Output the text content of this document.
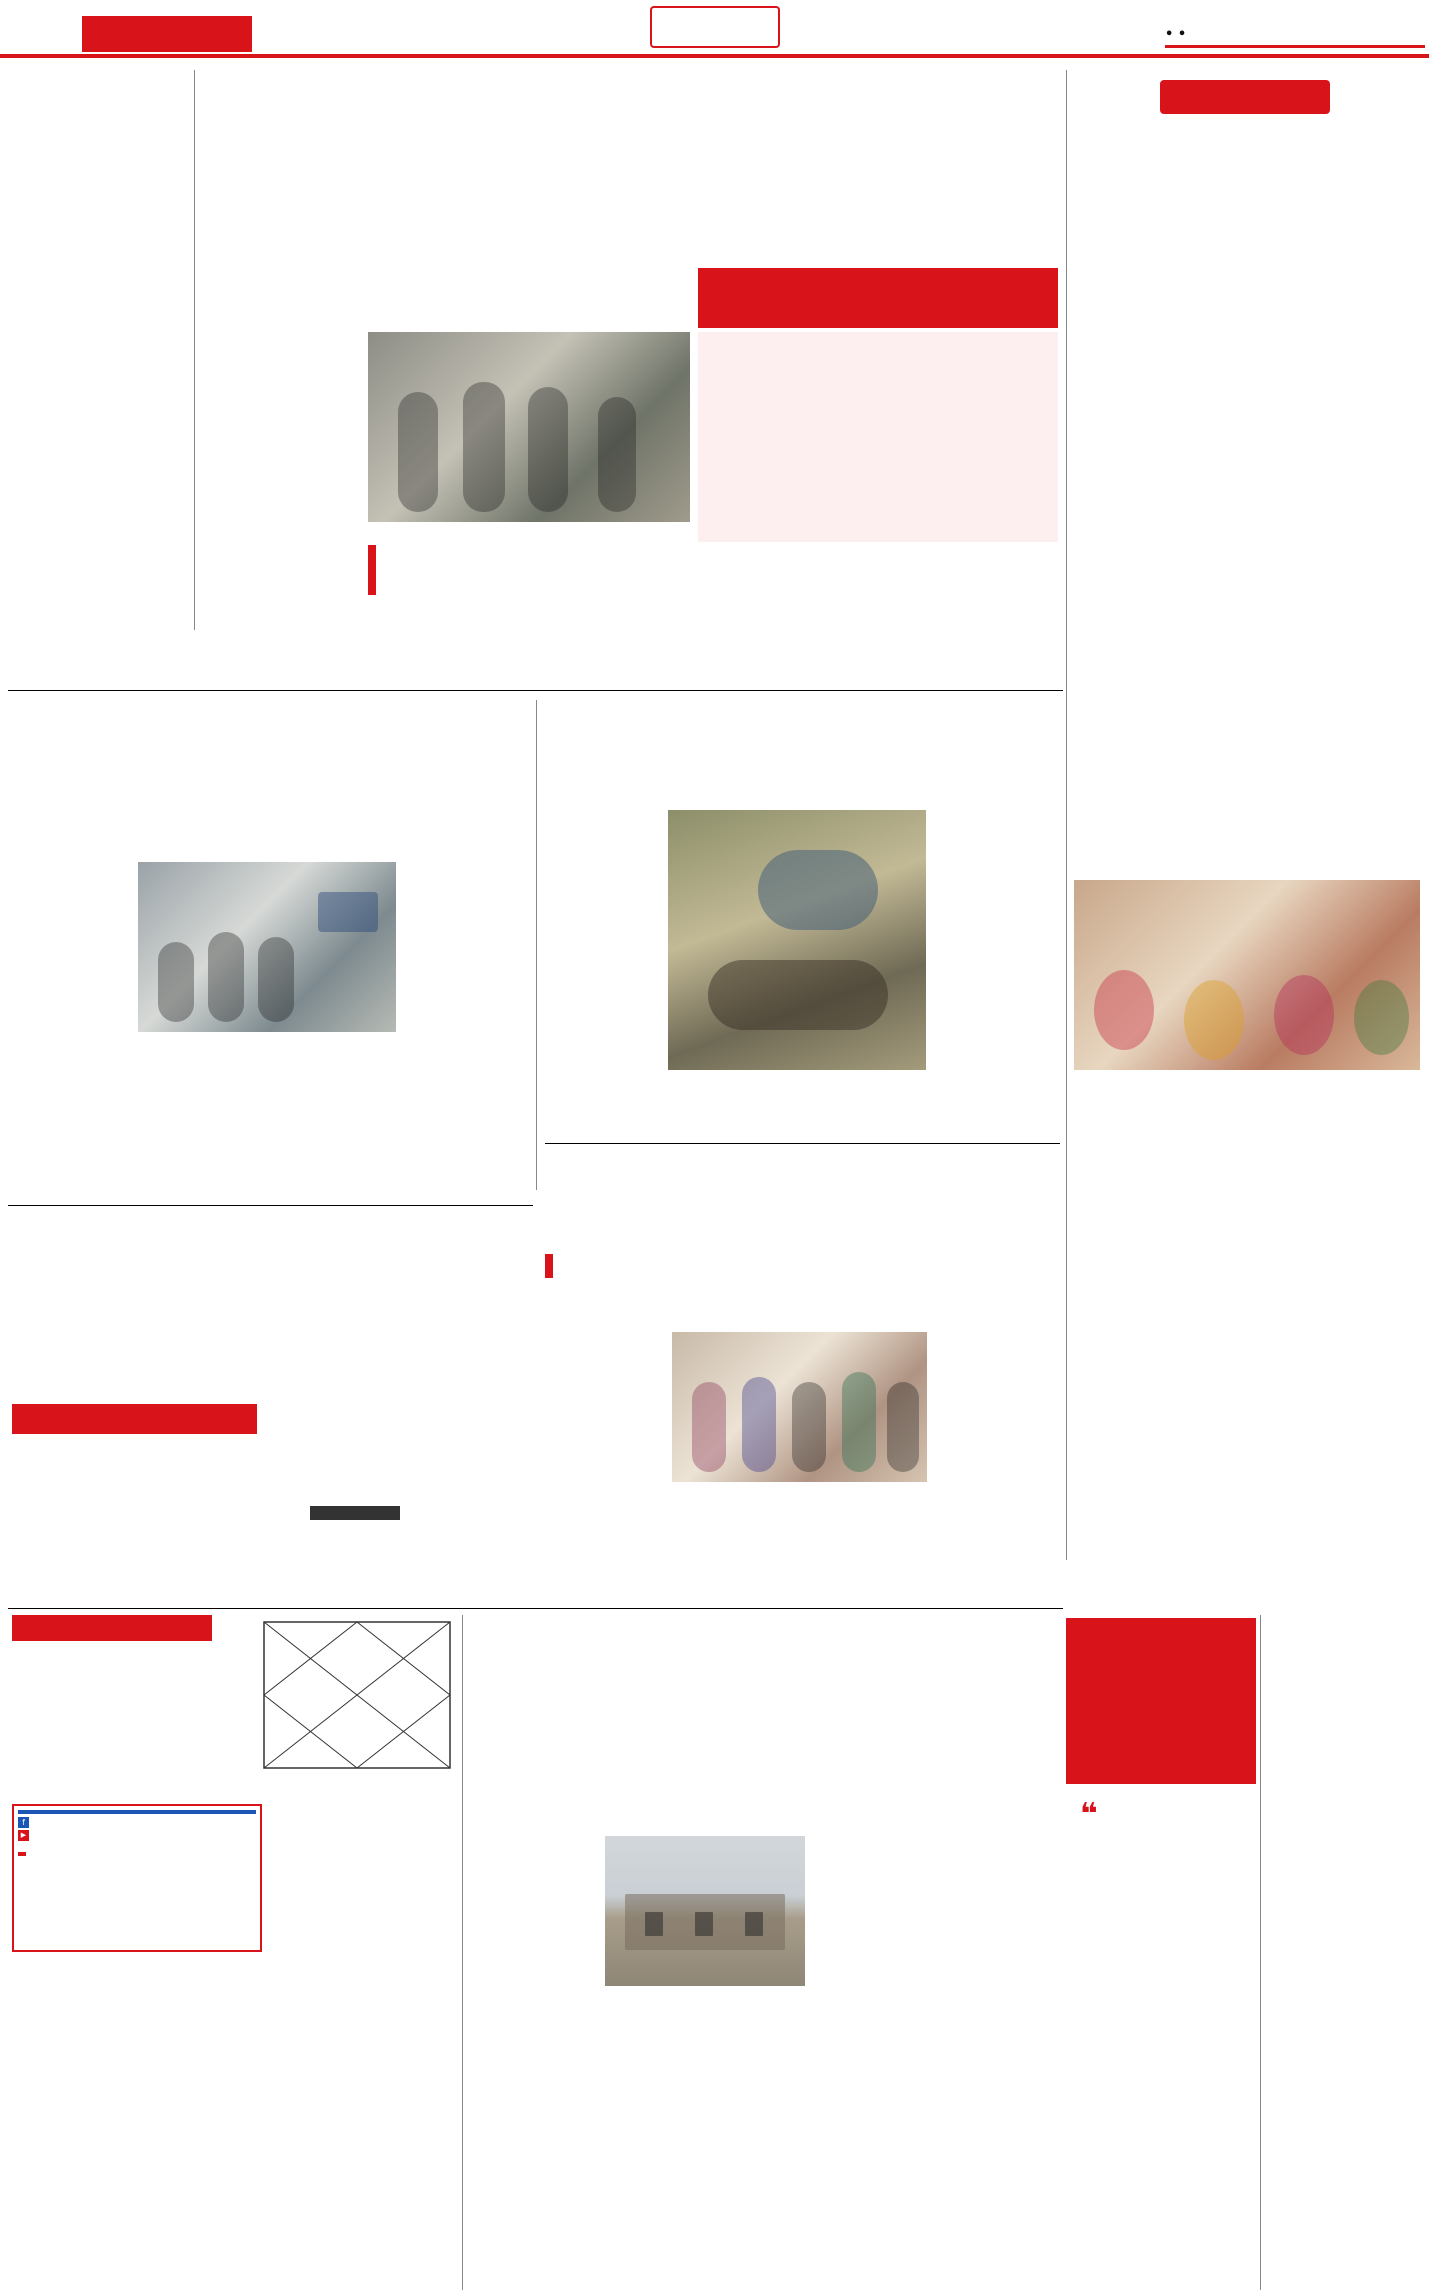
• •
f
▶
❝
